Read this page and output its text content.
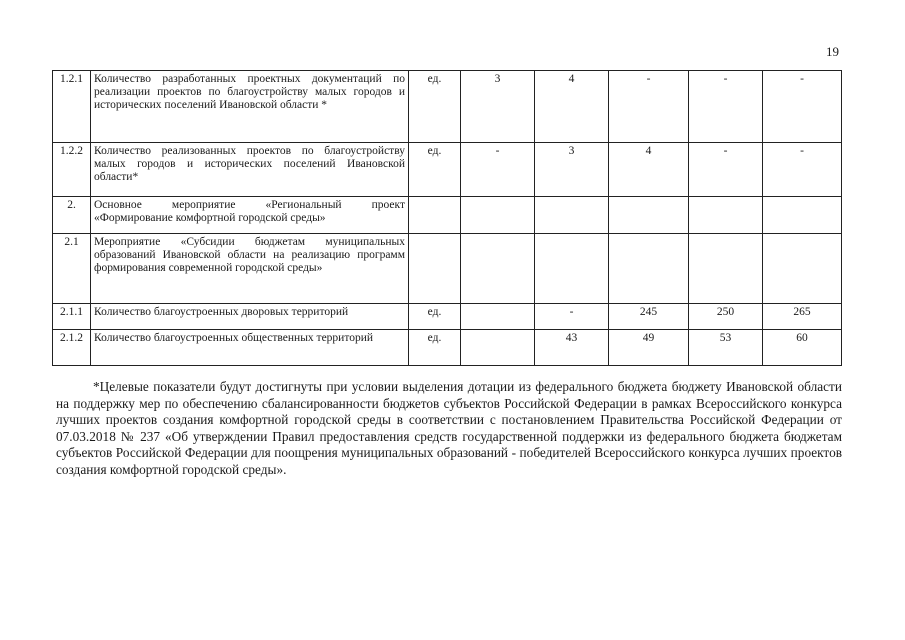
19
1.2.1	Количество разработанных проектных документаций по реализации проектов по благоустройству малых городов и исторических поселений Ивановской области *	ед.	3	4	-	-	-
1.2.2	Количество реализованных проектов по благоустройству малых городов и исторических поселений Ивановской области*	ед.	-	3	4	-	-
2.	Основное мероприятие «Региональный проект «Формирование комфортной городской среды»						
2.1	Мероприятие «Субсидии бюджетам муниципальных образований Ивановской области на реализацию программ формирования современной городской среды»						
2.1.1	Количество благоустроенных дворовых территорий	ед.		-	245	250	265
2.1.2	Количество благоустроенных общественных территорий	ед.		43	49	53	60

*Целевые показатели будут достигнуты при условии выделения дотации из федерального бюджета бюджету Ивановской области на поддержку мер по обеспечению сбалансированности бюджетов субъектов Российской Федерации в рамках Всероссийского конкурса лучших проектов создания комфортной городской среды в соответствии с постановлением Правительства Российской Федерации от 07.03.2018 № 237 «Об утверждении Правил предоставления средств государственной поддержки из федерального бюджета бюджетам субъектов Российской Федерации для поощрения муниципальных образований - победителей Всероссийского конкурса лучших проектов создания комфортной городской среды».
